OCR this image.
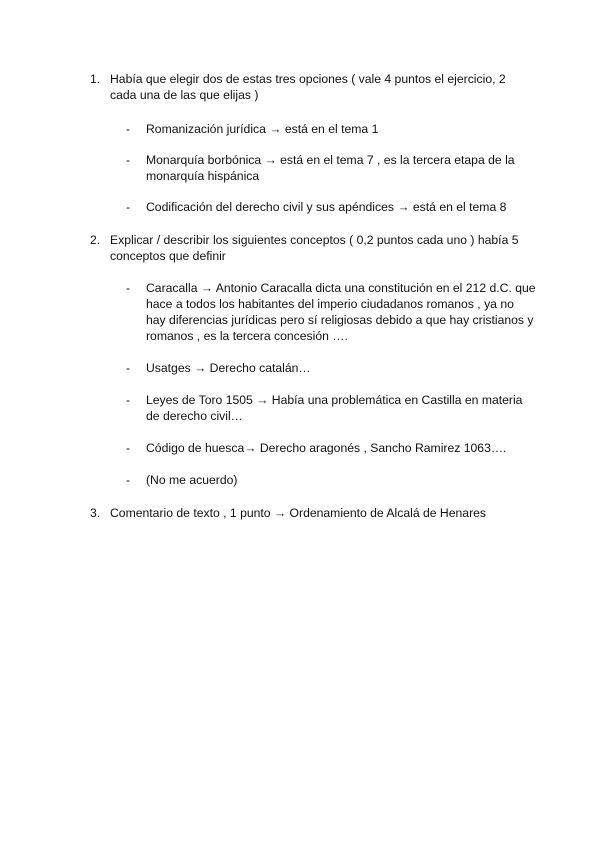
1. Había que elegir dos de estas tres opciones ( vale 4 puntos el ejercicio, 2 cada una de las que elijas )
- Romanización jurídica → está en el tema 1
- Monarquía borbónica → está en el tema 7 , es la tercera etapa de la monarquía hispánica
- Codificación del derecho civil y sus apéndices → está en el tema 8
2. Explicar / describir los siguientes conceptos ( 0,2 puntos cada uno ) había 5 conceptos que definir
- Caracalla → Antonio Caracalla dicta una constitución en el 212 d.C. que hace a todos los habitantes del imperio ciudadanos romanos , ya no hay diferencias jurídicas pero sí religiosas debido a que hay cristianos y romanos , es la tercera concesión ….
- Usatges → Derecho catalán…
- Leyes de Toro 1505 → Había una problemática en Castilla en materia de derecho civil…
- Código de huesca→ Derecho aragonés , Sancho Ramirez 1063….
- (No me acuerdo)
3. Comentario de texto , 1 punto → Ordenamiento de Alcalá de Henares
